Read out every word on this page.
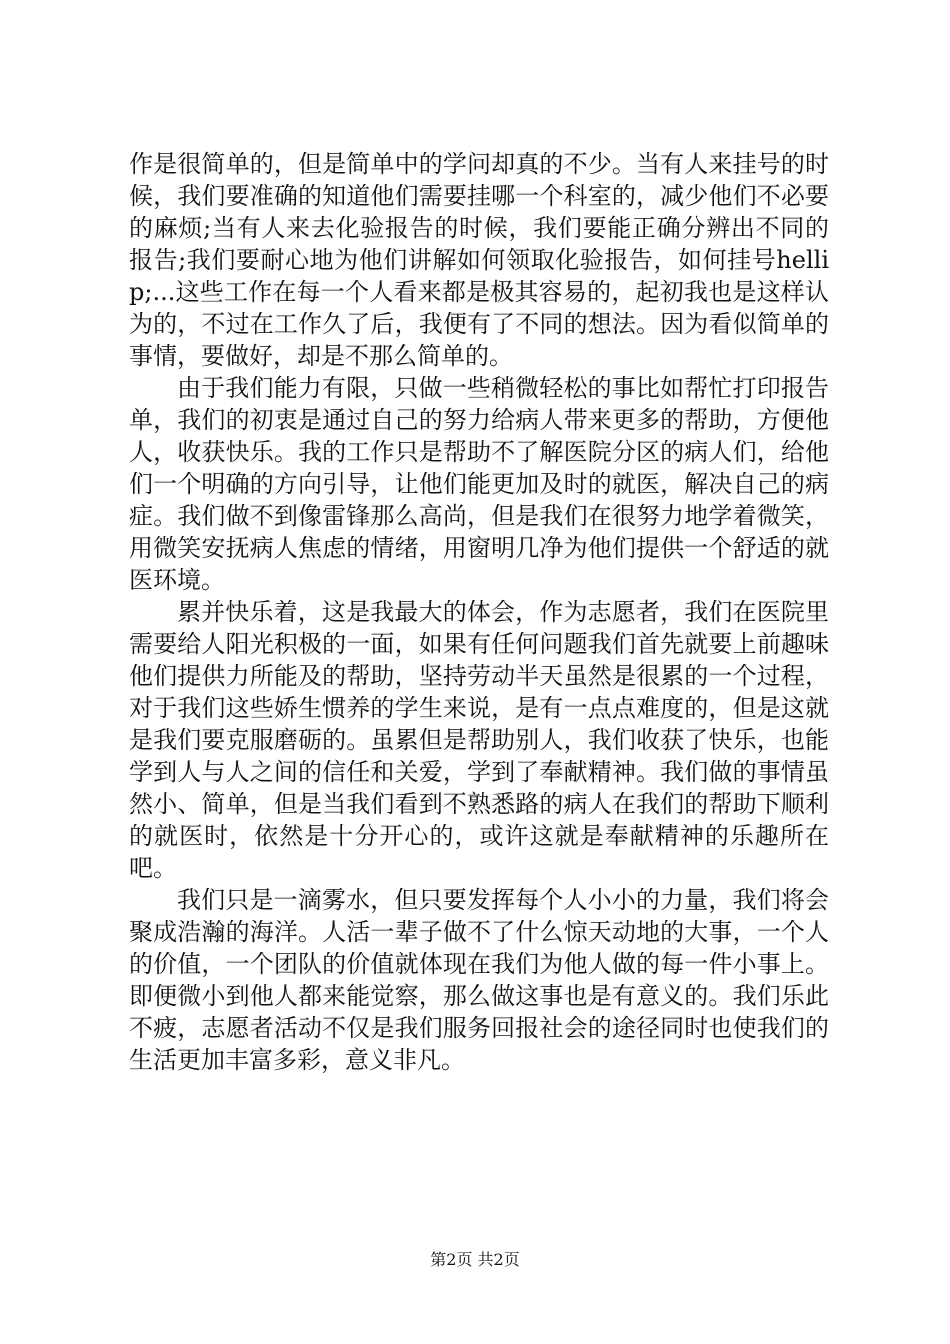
作是很简单的，但是简单中的学问却真的不少。当有人来挂号的时候，我们要准确的知道他们需要挂哪一个科室的，减少他们不必要的麻烦;当有人来去化验报告的时候，我们要能正确分辨出不同的报告;我们要耐心地为他们讲解如何领取化验报告，如何挂号hellip;...这些工作在每一个人看来都是极其容易的，起初我也是这样认为的，不过在工作久了后，我便有了不同的想法。因为看似简单的事情，要做好，却是不那么简单的。

由于我们能力有限，只做一些稍微轻松的事比如帮忙打印报告单，我们的初衷是通过自己的努力给病人带来更多的帮助，方便他人，收获快乐。我的工作只是帮助不了解医院分区的病人们，给他们一个明确的方向引导，让他们能更加及时的就医，解决自己的病症。我们做不到像雷锋那么高尚，但是我们在很努力地学着微笑，用微笑安抚病人焦虑的情绪，用窗明几净为他们提供一个舒适的就医环境。

累并快乐着，这是我最大的体会，作为志愿者，我们在医院里需要给人阳光积极的一面，如果有任何问题我们首先就要上前趣味他们提供力所能及的帮助，坚持劳动半天虽然是很累的一个过程，对于我们这些娇生惯养的学生来说，是有一点点难度的，但是这就是我们要克服磨砺的。虽累但是帮助别人，我们收获了快乐，也能学到人与人之间的信任和关爱，学到了奉献精神。我们做的事情虽然小、简单，但是当我们看到不熟悉路的病人在我们的帮助下顺利的就医时，依然是十分开心的，或许这就是奉献精神的乐趣所在吧。

我们只是一滴雾水，但只要发挥每个人小小的力量，我们将会聚成浩瀚的海洋。人活一辈子做不了什么惊天动地的大事，一个人的价值，一个团队的价值就体现在我们为他人做的每一件小事上。即便微小到他人都来能觉察，那么做这事也是有意义的。我们乐此不疲，志愿者活动不仅是我们服务回报社会的途径同时也使我们的生活更加丰富多彩，意义非凡。

第2页 共2页
